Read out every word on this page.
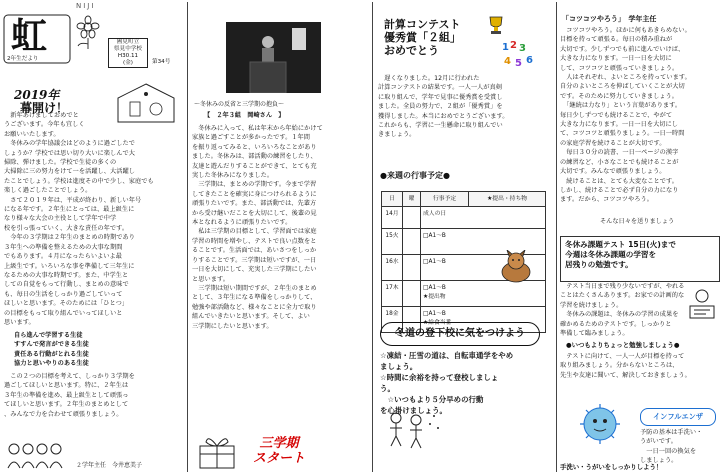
NIJI
虹
2年生だより
國見町立
県見中学校
H30.11
(金)	第34号
2019年
幕開け！
　新年あけましておめでと
うございます。今年も宜しく
お願いいたします。
　冬休みの学年協議会はどのように過ごしたで
しょうか？学校では思い切り大いに楽しんで大
掃除、弾けました。学校で生徒の多くの
大掃除に三の努力をけて一を活躍し、大活躍し
たことでしょう。学校は進度その中で少し、家庭でも
楽しく過ごしたことでしょう。
　さて２０１９年は、平成が終わり、新しい年号
になる年です。２年生にとっては、最上級生に
なり様々な大会の主役として学年で中学
校を引っ張っていく、大きな責任の年です。
　今年の３学期は２年生のまとめの時期であり
３年生への準備を整えるための大事な期間
でもあります。４月になったらいよいよ最
上級生です。いろいろな事を準備して三年生に
なるための大事な時期です。また、中学生と
しての自覚をもって行動し、まとめの意味で
も、毎日の生活をしっかり過ごしていって
ほしいと思います。そのためには「ひとつ」
の目標をもって取り組んでいってほしいと
思います。
自ら進んで学習する生徒
すすんで発言ができる生徒
責任ある行動がとれる生徒
協力と思いやりのある生徒
　この２つの目標を考えて、しっかり３学期を
過ごしてほしいと思います。特に、２年生は
３年生の準備を進め、最上級生として頑張っ
てほしいと思います。２年生のまとめとして
、みんなで力を合わせて頑張りましょう。
２学年主任　今井恵美子
～冬休みの反省と三学期の抱負～
【　２年３組　岡崎さん　】
　冬休みに入って、私は年末から年始にかけて
家族と過ごすことが多かったです。１年間
を振り返ってみると、いろいろなことがあり
ました。冬休みは、部活動の練習をしたり、
友達と遊んだりすることができて、とても充
実した冬休みになりました。
　三学期は、まとめの学期です。今まで学習
してきたことを確実に身につけられるように
頑張りたいです。また、部活動では、先輩方
から受け継いだことを大切にして、後輩の見
本となれるように頑張りたいです。
　私は三学期の目標として、学習面では家庭
学習の時間を増やし、テストで良い点数をと
ることです。生活面では、あいさつをしっか
りすることです。三学期は短いですが、一日
一日を大切にして、充実した三学期にしたい
と思います。
　三学期は短い期間ですが、２年生のまとめ
として、３年生になる準備をしっかりして、
勉強や部活動など、様々なことに全力で取り
組んでいきたいと思います。そして、よい
三学期にしたいと思います。
三学期
スタート
計算コンテスト
優秀賞「２組」
おめでとう	1 2 3
4 5 6
　遅くなりました。12月に行われた
計算コンテストの結果です。一人一人が真剣
に取り組んで、学年で見事に優秀賞を受賞し
ました。全員の努力で、２組が「優秀賞」を
獲得しました。本当におめでとうございます。
これからも、学習に一生懸命に取り組んでい
きましょう。
●来週の行事予定●
日	曜	行事予定	★提出・持ち物
14月		成人の日	
15火		□A1～B	
16水		□A1～B	
17木		□A1～B
★提出物	
18金		□A1～B
★給食当番	
冬道の登下校に気をつけよう
☆凍結・圧雪の道は、自転車通学をやめ
ましょう。
☆時間に余裕を持って登校しましょ
う。
　☆いつもより５分早めの行動
を心掛けましょう。
「コツコツやろう」　学年主任
　コツコツやろう。ほかに何もあきらめない。
目標を持って頑張る。毎日の積み重ねが
大切です。少しずつでも前に進んでいけば、
大きな力になります。一日一日を大切に
して、コツコツと頑張っていきましょう。
　人はそれぞれ、よいところを持っています。
自分のよいところを伸ばしていくことが大切
です。そのために努力していきましょう。
　「継続は力なり」という言葉があります。
毎日少しずつでも続けることで、やがて
大きな力になります。一日一日を大切にし
て、コツコツと頑張りましょう。一日一時間
の家庭学習を続けることが大切です。
　毎日３０分の読書、一日一ページの漢字
の練習など、小さなことでも続けることが
大切です。みんなで頑張りましょう。
　続けることは、とても大変なことです。
しかし、続けることで必ず自分の力になり
ます。だから、コツコツやろう。
そんな日々を送りましょう
冬休み課題テスト 15日(火)まで
今週は冬休み課題の学習を
居残りの勉強です。
　テスト当日まで残り少ないですが、やれる
ことはたくさんあります。お家での計画的な
学習を続けましょう。
　冬休みの課題は、冬休みの学習の成果を
確かめるためのテストです。しっかりと
準備して臨みましょう。
●いつもよりちょっと勉強しましょう●
　テストに向けて、一人一人が目標を持って
取り組みましょう。分からないところは、
先生や友達に聞いて、解決しておきましょう。
インフルエンザ
予防の基本は手洗い・
うがいです。
　一日一回の換気を
しましょう。
手洗い・うがいをしっかりしよう！
